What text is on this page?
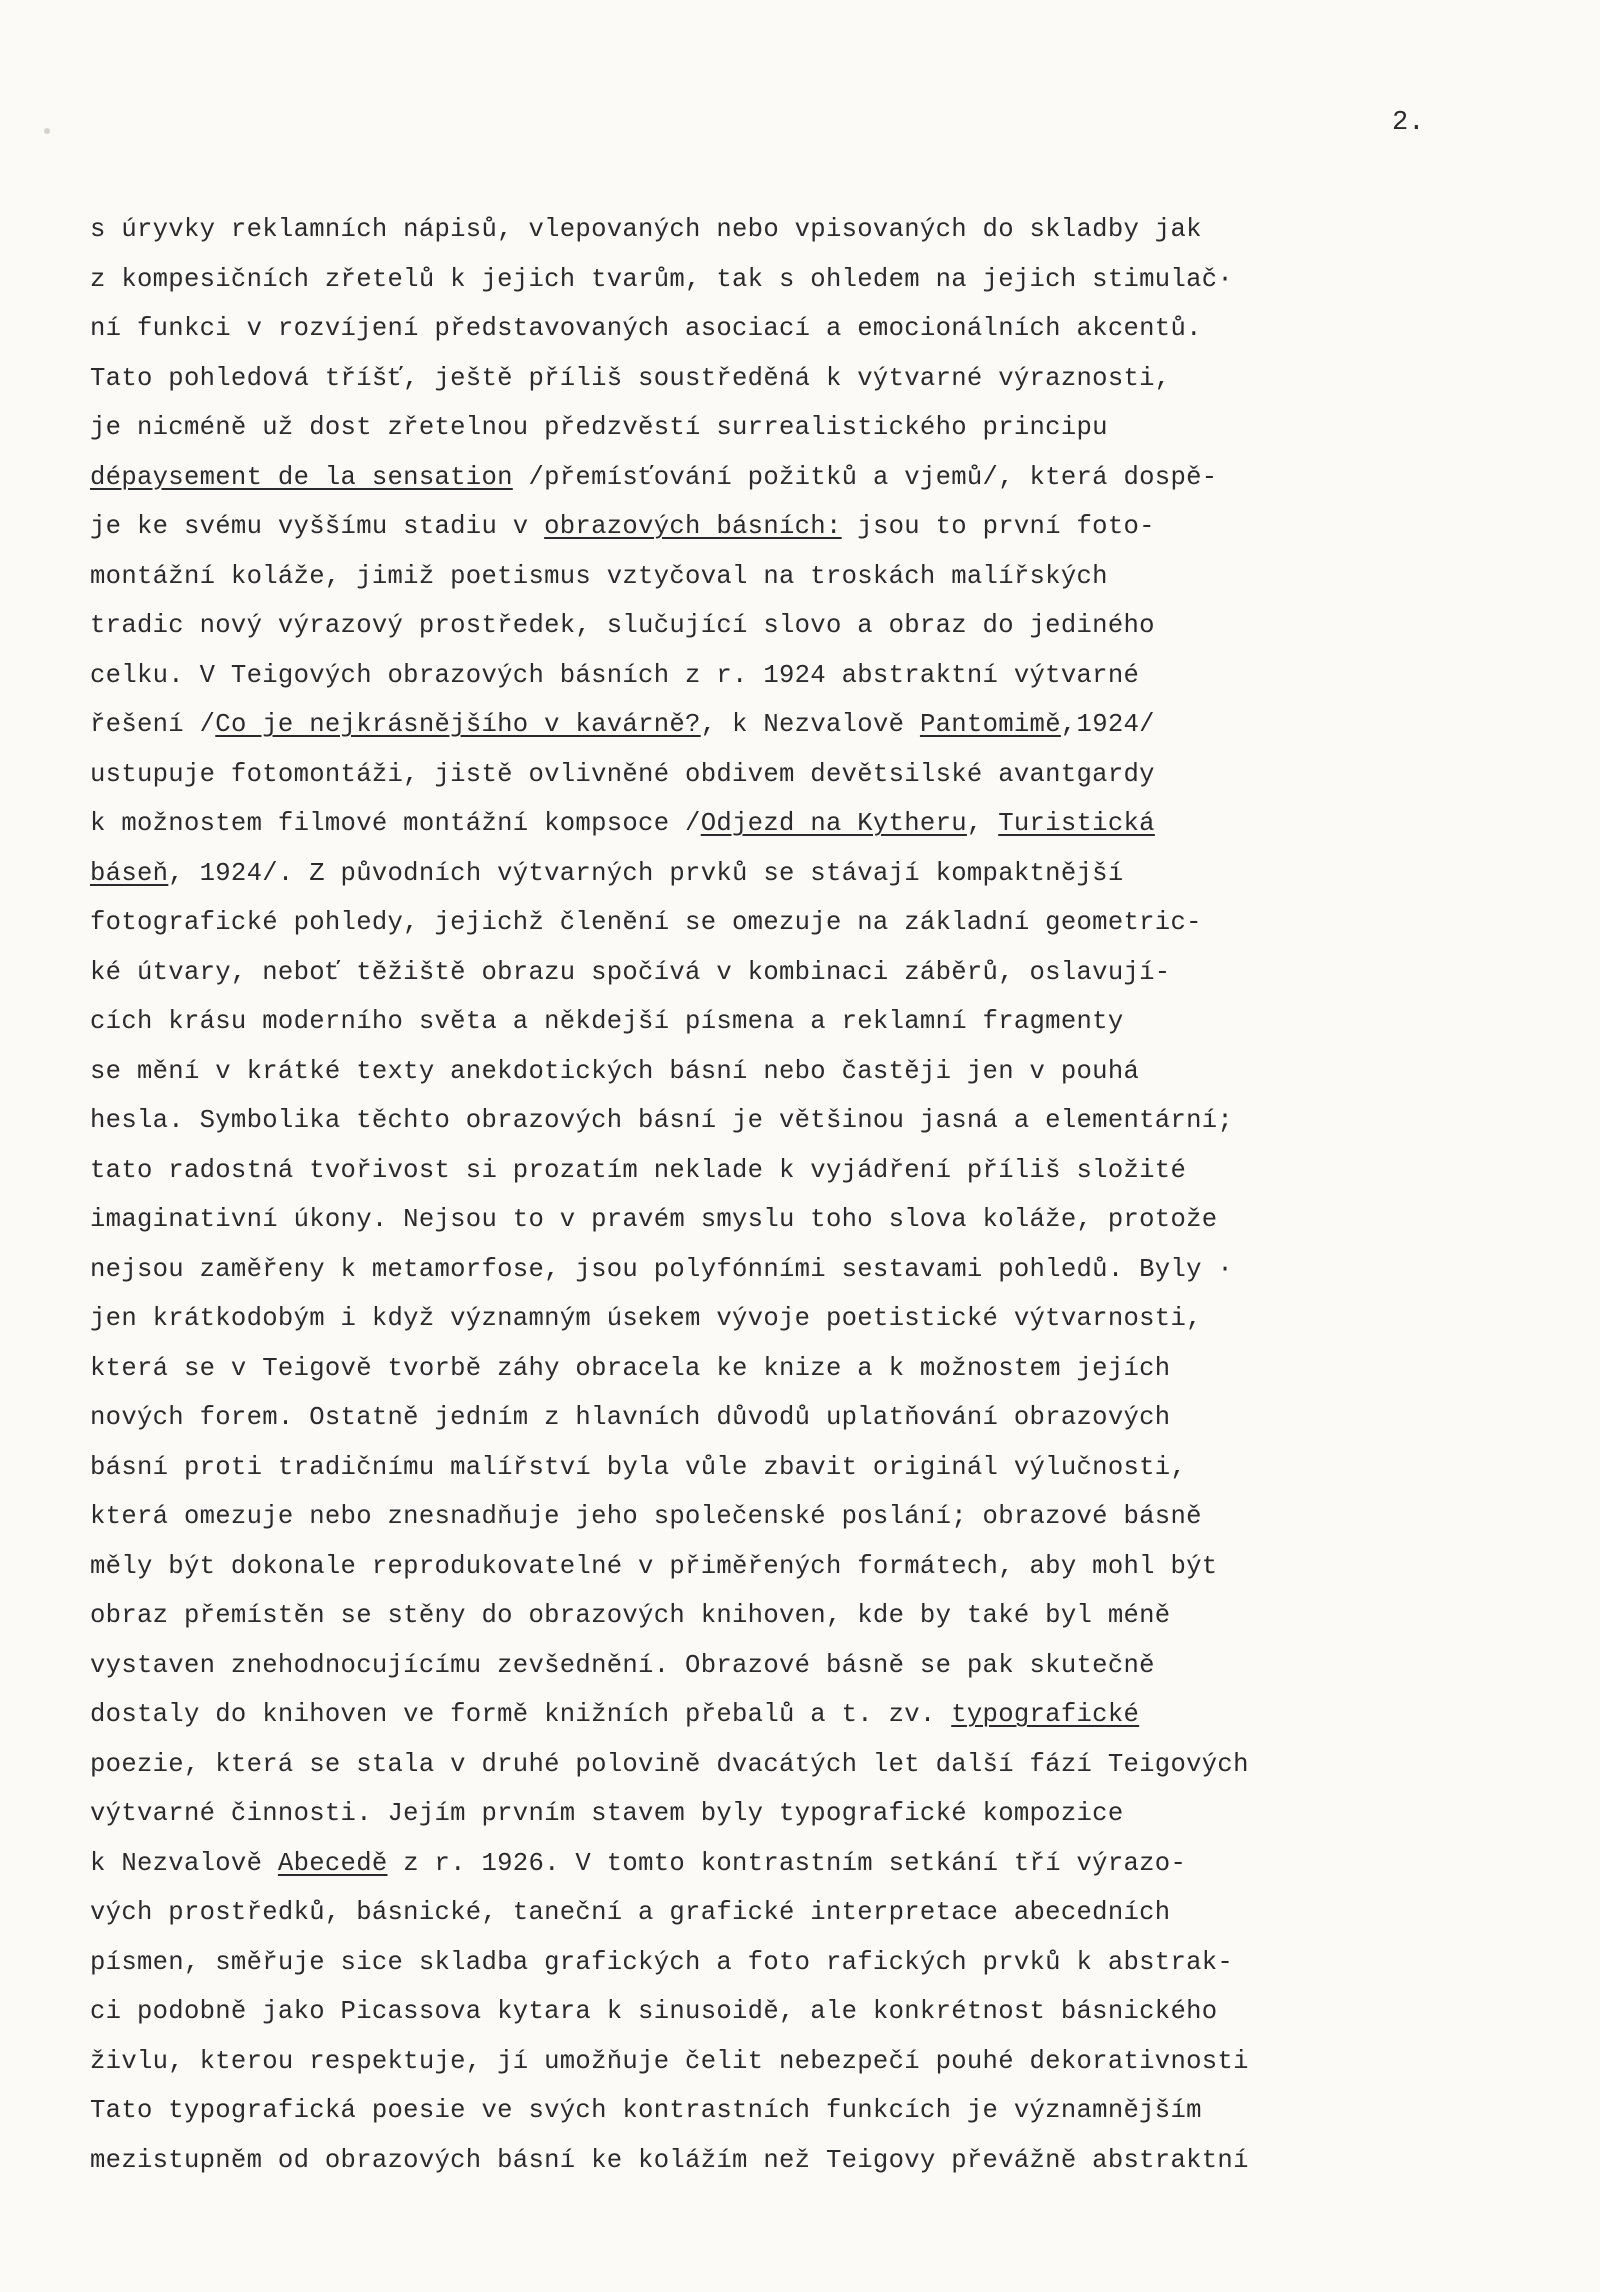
2.
s úryvky reklamních nápisů, vlepovaných nebo vpisovaných do skladby jak
z kompesičních zřetelů k jejich tvarům, tak s ohledem na jejich stimulač·
ní funkci v rozvíjení představovaných asociací a emocionálních akcentů.
Tato pohledová tříšť, ještě příliš soustředěná k výtvarné výraznosti,
je nicméně už dost zřetelnou předzvěstí surrealistického principu
dépaysement de la sensation /přemísťování požitků a vjemů/, která dospě-
je ke svému vyššímu stadiu v obrazových básních: jsou to první foto-
montážní koláže, jimiž poetismus vztyčoval na troskách malířských
tradic nový výrazový prostředek, slučující slovo a obraz do jediného
celku. V Teigových obrazových básních z r. 1924 abstraktní výtvarné
řešení /Co je nejkrásnějšího v kavárně?, k Nezvalově Pantomimě,1924/
ustupuje fotomontáži, jistě ovlivněné obdivem devětsilské avantgardy
k možnostem filmové montážní kompsoce /Odjezd na Kytheru, Turistická
báseň, 1924/. Z původních výtvarných prvků se stávají kompaktnější
fotografické pohledy, jejichž členění se omezuje na základní geometric-
ké útvary, neboť těžiště obrazu spočívá v kombinaci záběrů, oslavují-
cích krásu moderního světa a někdejší písmena a reklamní fragmenty
se mění v krátké texty anekdotických básní nebo častěji jen v pouhá
hesla. Symbolika těchto obrazových básní je většinou jasná a elementární;
tato radostná tvořivost si prozatím neklade k vyjádření příliš složité
imaginativní úkony. Nejsou to v pravém smyslu toho slova koláže, protože
nejsou zaměřeny k metamorfose, jsou polyfónními sestavami pohledů. Byly ·
jen krátkodobým i když významným úsekem vývoje poetistické výtvarnosti,
která se v Teigově tvorbě záhy obracela ke knize a k možnostem jejích
nových forem. Ostatně jedním z hlavních důvodů uplatňování obrazových
básní proti tradičnímu malířství byla vůle zbavit originál výlučnosti,
která omezuje nebo znesnadňuje jeho společenské poslání; obrazové básně
měly být dokonale reprodukovatelné v přiměřených formátech, aby mohl být
obraz přemístěn se stěny do obrazových knihoven, kde by také byl méně
vystaven znehodnocujícímu zevšednění. Obrazové básně se pak skutečně
dostaly do knihoven ve formě knižních přebalů a t. zv. typografické
poezie, která se stala v druhé polovině dvacátých let další fází Teigových
výtvarné činnosti. Jejím prvním stavem byly typografické kompozice
k Nezvalově Abecedě z r. 1926. V tomto kontrastním setkání tří výrazo-
vých prostředků, básnické, taneční a grafické interpretace abecedních
písmen, směřuje sice skladba grafických a foto rafických prvků k abstrak-
ci podobně jako Picassova kytara k sinusoidě, ale konkrétnost básnického
živlu, kterou respektuje, jí umožňuje čelit nebezpečí pouhé dekorativnosti
Tato typografická poesie ve svých kontrastních funkcích je významnějším
mezistupněm od obrazových básní ke kolážím než Teigovy převážně abstraktní
